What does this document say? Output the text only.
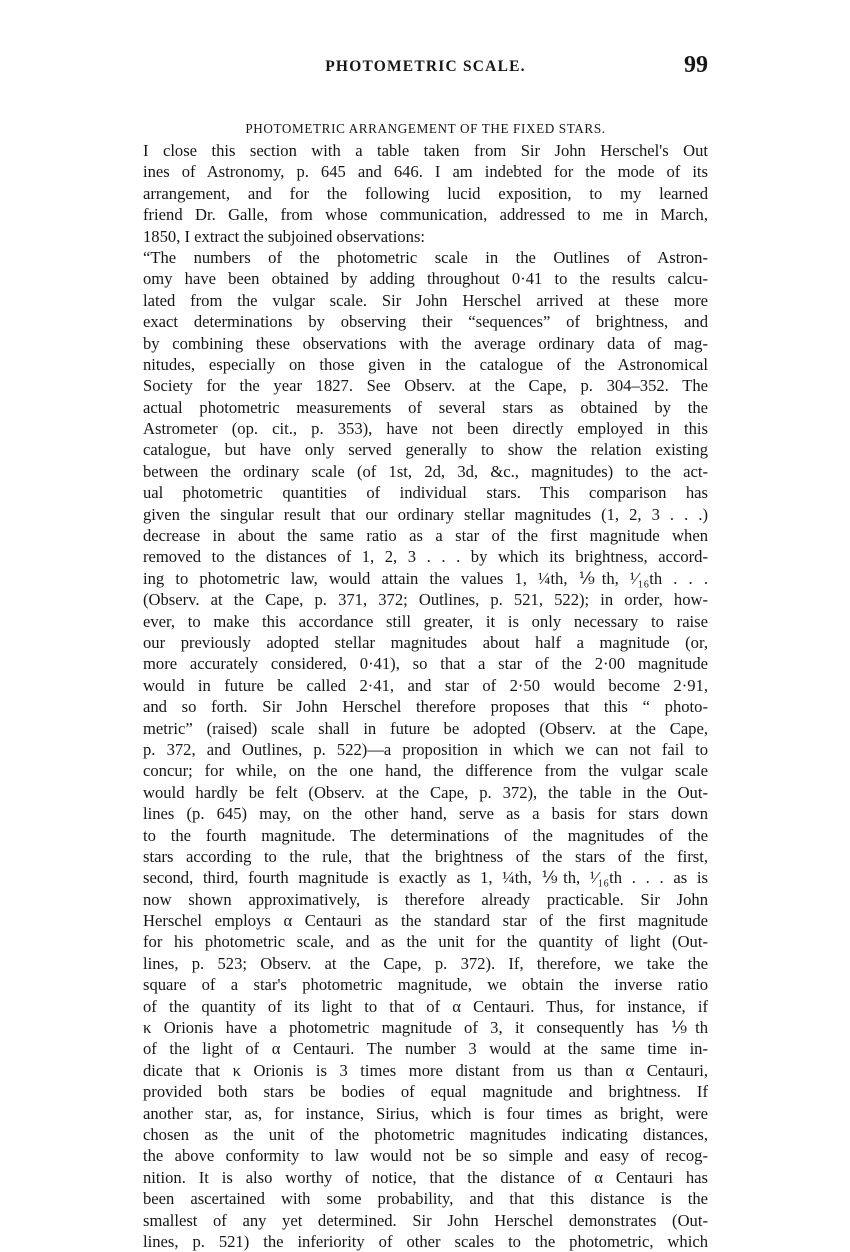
PHOTOMETRIC SCALE.	99
PHOTOMETRIC ARRANGEMENT OF THE FIXED STARS.
I close this section with a table taken from Sir John Herschel's Out
ines of Astronomy, p. 645 and 646. I am indebted for the mode of its
arrangement, and for the following lucid exposition, to my learned
friend Dr. Galle, from whose communication, addressed to me in March,
1850, I extract the subjoined observations:
“The numbers of the photometric scale in the Outlines of Astron-
omy have been obtained by adding throughout 0·41 to the results calcu-
lated from the vulgar scale. Sir John Herschel arrived at these more
exact determinations by observing their “sequences” of brightness, and
by combining these observations with the average ordinary data of mag-
nitudes, especially on those given in the catalogue of the Astronomical
Society for the year 1827. See Observ. at the Cape, p. 304–352. The
actual photometric measurements of several stars as obtained by the
Astrometer (op. cit., p. 353), have not been directly employed in this
catalogue, but have only served generally to show the relation existing
between the ordinary scale (of 1st, 2d, 3d, &c., magnitudes) to the act-
ual photometric quantities of individual stars. This comparison has
given the singular result that our ordinary stellar magnitudes (1, 2, 3 . . .)
decrease in about the same ratio as a star of the first magnitude when
removed to the distances of 1, 2, 3 . . . by which its brightness, accord-
ing to photometric law, would attain the values 1, ¼th, ⅑th, ¹⁄₁₆th . . .
(Observ. at the Cape, p. 371, 372; Outlines, p. 521, 522); in order, how-
ever, to make this accordance still greater, it is only necessary to raise
our previously adopted stellar magnitudes about half a magnitude (or,
more accurately considered, 0·41), so that a star of the 2·00 magnitude
would in future be called 2·41, and star of 2·50 would become 2·91,
and so forth. Sir John Herschel therefore proposes that this “ photo-
metric” (raised) scale shall in future be adopted (Observ. at the Cape,
p. 372, and Outlines, p. 522)—a proposition in which we can not fail to
concur; for while, on the one hand, the difference from the vulgar scale
would hardly be felt (Observ. at the Cape, p. 372), the table in the Out-
lines (p. 645) may, on the other hand, serve as a basis for stars down
to the fourth magnitude. The determinations of the magnitudes of the
stars according to the rule, that the brightness of the stars of the first,
second, third, fourth magnitude is exactly as 1, ¼th, ⅑th, ¹⁄₁₆th . . . as is
now shown approximatively, is therefore already practicable. Sir John
Herschel employs α Centauri as the standard star of the first magnitude
for his photometric scale, and as the unit for the quantity of light (Out-
lines, p. 523; Observ. at the Cape, p. 372). If, therefore, we take the
square of a star's photometric magnitude, we obtain the inverse ratio
of the quantity of its light to that of α Centauri. Thus, for instance, if
κ Orionis have a photometric magnitude of 3, it consequently has ⅑th
of the light of α Centauri. The number 3 would at the same time in-
dicate that κ Orionis is 3 times more distant from us than α Centauri,
provided both stars be bodies of equal magnitude and brightness. If
another star, as, for instance, Sirius, which is four times as bright, were
chosen as the unit of the photometric magnitudes indicating distances,
the above conformity to law would not be so simple and easy of recog-
nition. It is also worthy of notice, that the distance of α Centauri has
been ascertained with some probability, and that this distance is the
smallest of any yet determined. Sir John Herschel demonstrates (Out-
lines, p. 521) the inferiority of other scales to the photometric, which
